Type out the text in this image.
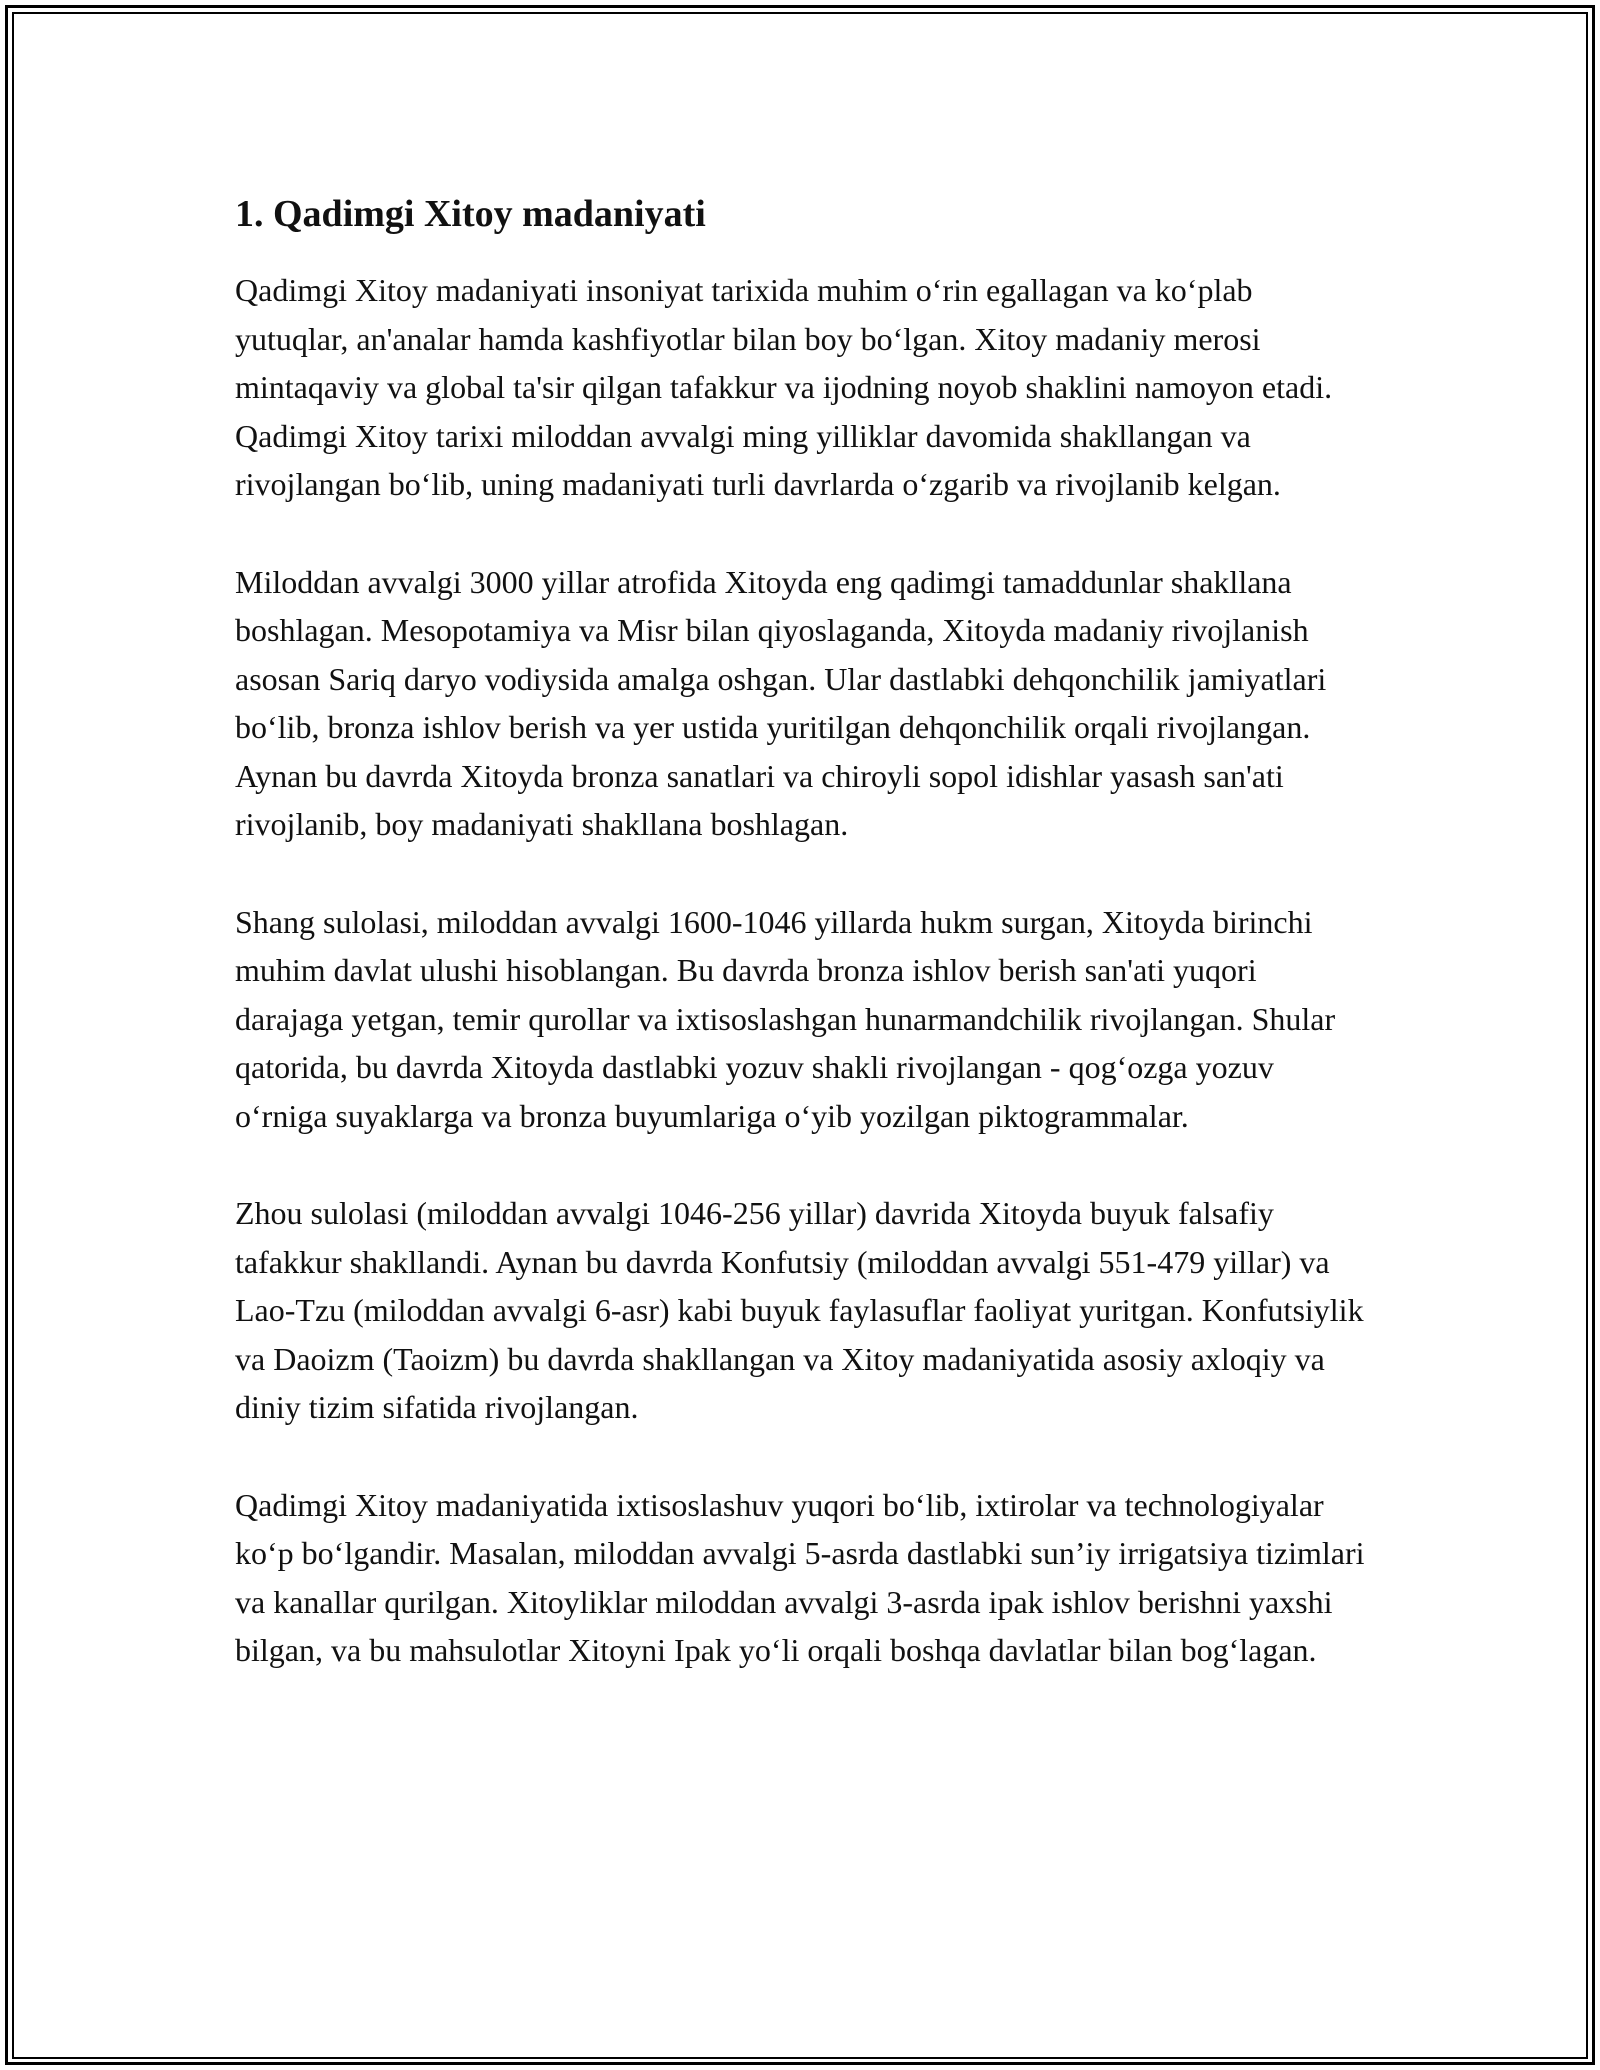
1. Qadimgi Xitoy madaniyati

Qadimgi Xitoy madaniyati insoniyat tarixida muhim o‘rin egallagan va ko‘plab yutuqlar, an'analar hamda kashfiyotlar bilan boy bo‘lgan. Xitoy madaniy merosi mintaqaviy va global ta'sir qilgan tafakkur va ijodning noyob shaklini namoyon etadi. Qadimgi Xitoy tarixi miloddan avvalgi ming yilliklar davomida shakllangan va rivojlangan bo‘lib, uning madaniyati turli davrlarda o‘zgarib va rivojlanib kelgan.

Miloddan avvalgi 3000 yillar atrofida Xitoyda eng qadimgi tamaddunlar shakllana boshlagan. Mesopotamiya va Misr bilan qiyoslaganda, Xitoyda madaniy rivojlanish asosan Sariq daryo vodiysida amalga oshgan. Ular dastlabki dehqonchilik jamiyatlari bo‘lib, bronza ishlov berish va yer ustida yuritilgan dehqonchilik orqali rivojlangan. Aynan bu davrda Xitoyda bronza sanatlari va chiroyli sopol idishlar yasash san'ati rivojlanib, boy madaniyati shakllana boshlagan.

Shang sulolasi, miloddan avvalgi 1600-1046 yillarda hukm surgan, Xitoyda birinchi muhim davlat ulushi hisoblangan. Bu davrda bronza ishlov berish san'ati yuqori darajaga yetgan, temir qurollar va ixtisoslashgan hunarmandchilik rivojlangan. Shular qatorida, bu davrda Xitoyda dastlabki yozuv shakli rivojlangan - qog‘ozga yozuv o‘rniga suyaklarga va bronza buyumlariga o‘yib yozilgan piktogrammalar.

Zhou sulolasi (miloddan avvalgi 1046-256 yillar) davrida Xitoyda buyuk falsafiy tafakkur shakllandi. Aynan bu davrda Konfutsiy (miloddan avvalgi 551-479 yillar) va Lao-Tzu (miloddan avvalgi 6-asr) kabi buyuk faylasuflar faoliyat yuritgan. Konfutsiylik va Daoizm (Taoizm) bu davrda shakllangan va Xitoy madaniyatida asosiy axloqiy va diniy tizim sifatida rivojlangan.

Qadimgi Xitoy madaniyatida ixtisoslashuv yuqori bo‘lib, ixtirolar va technologiyalar ko‘p bo‘lgandir. Masalan, miloddan avvalgi 5-asrda dastlabki sun’iy irrigatsiya tizimlari va kanallar qurilgan. Xitoyliklar miloddan avvalgi 3-asrda ipak ishlov berishni yaxshi bilgan, va bu mahsulotlar Xitoyni Ipak yo‘li orqali boshqa davlatlar bilan bog‘lagan.
